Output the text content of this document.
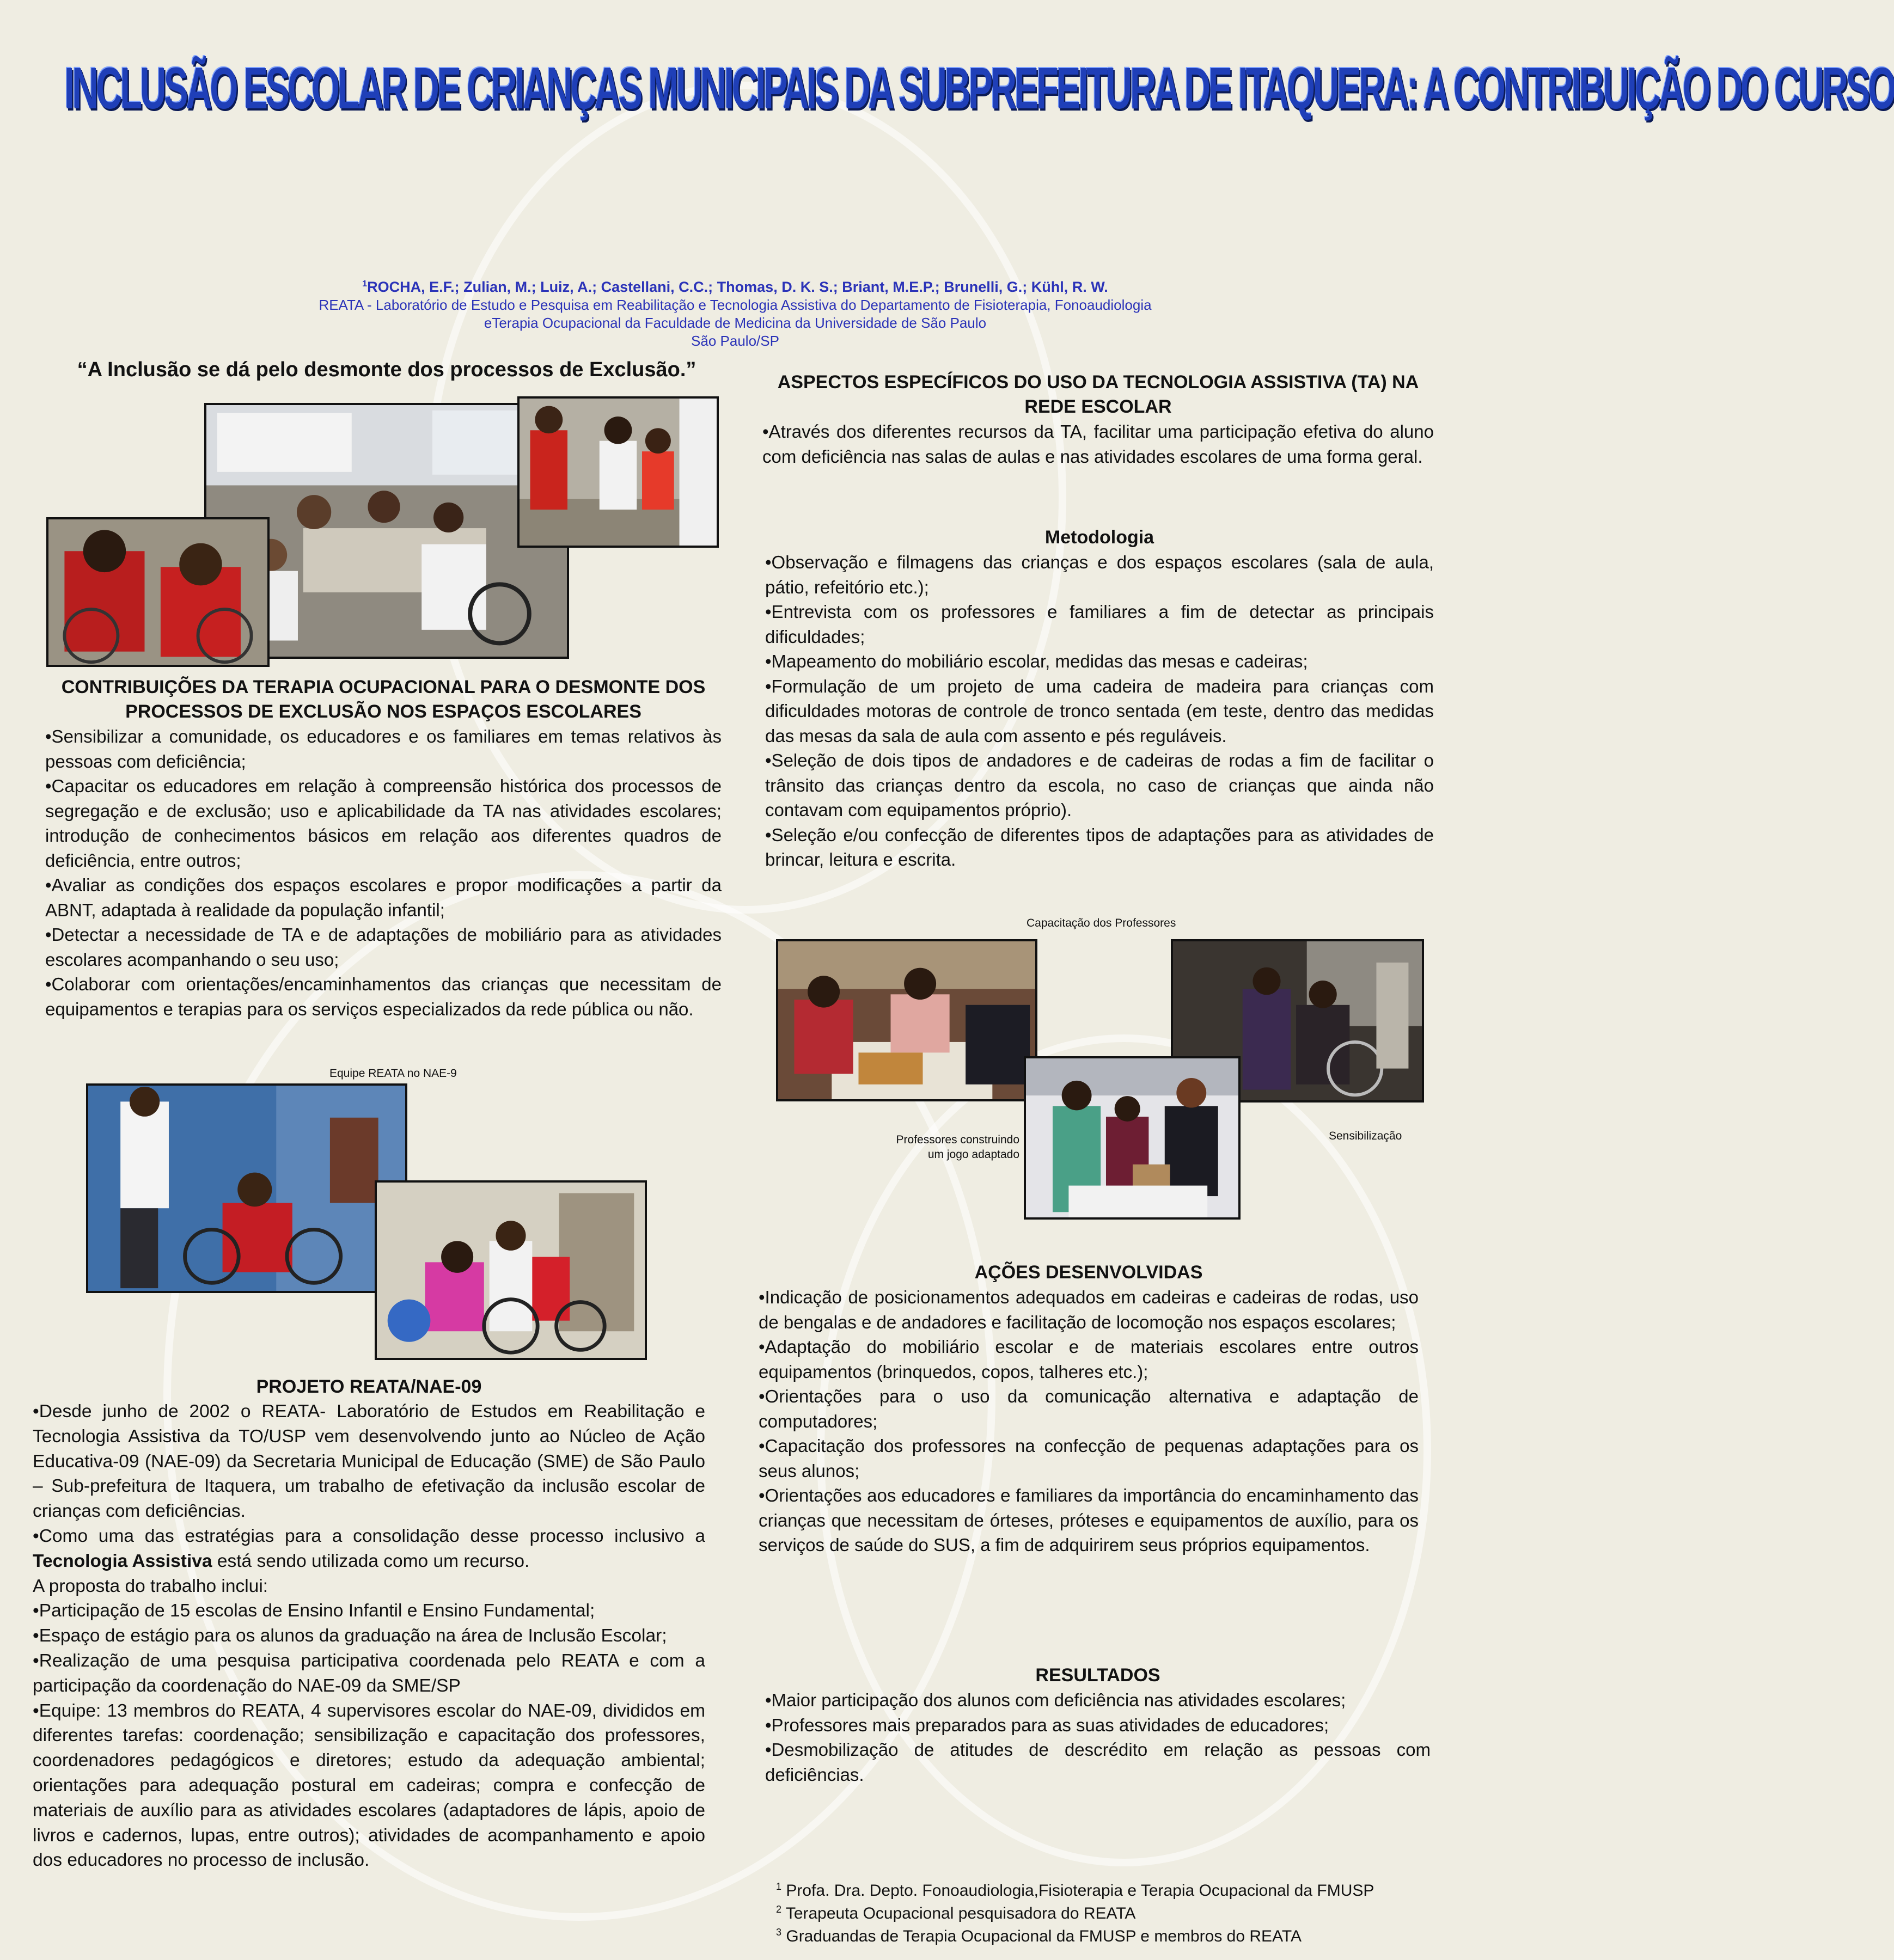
INCLUSÃO ESCOLAR DE CRIANÇAS MUNICIPAIS DA SUBPREFEITURA DE ITAQUERA: A CONTRIBUIÇÃO DO CURSO
$^1$ROCHA, E.F.; Zulian, M.; Luiz, A.; Castellani, C.C.; Thomas, D. K. S.; Briant, M.E.P.; Brunelli, G.; Kühl, R. W.
REATA - Laboratório de Estudo e Pesquisa em Reabilitação e Tecnologia Assistiva do Departamento de Fisioterapia, Fonoaudiologia
eTerapia Ocupacional da Faculdade de Medicina da Universidade de São Paulo
São Paulo/SP
“A Inclusão se dá pelo desmonte dos processos de Exclusão.”
CONTRIBUIÇÕES DA TERAPIA OCUPACIONAL PARA O DESMONTE DOS PROCESSOS DE EXCLUSÃO NOS ESPAÇOS ESCOLARES

•Sensibilizar a comunidade, os educadores e os familiares em temas relativos às pessoas com deficiência;

•Capacitar os educadores em relação à compreensão histórica dos processos de segregação e de exclusão; uso e aplicabilidade da TA nas atividades escolares; introdução de conhecimentos básicos em relação aos diferentes quadros de deficiência, entre outros;

•Avaliar as condições dos espaços escolares e propor modificações a partir da ABNT, adaptada à realidade da população infantil;

•Detectar a necessidade de TA e de adaptações de mobiliário para as atividades escolares acompanhando o seu uso;

•Colaborar com orientações/encaminhamentos das crianças que necessitam de equipamentos e terapias para os serviços especializados da rede pública ou não.

Equipe REATA no NAE-9
PROJETO REATA/NAE-09

•Desde junho de 2002 o REATA- Laboratório de Estudos em Reabilitação e Tecnologia Assistiva da TO/USP vem desenvolvendo junto ao Núcleo de Ação Educativa-09 (NAE-09) da Secretaria Municipal de Educação (SME) de São Paulo – Sub-prefeitura de Itaquera, um trabalho de efetivação da inclusão escolar de crianças com deficiências.

•Como uma das estratégias para a consolidação desse processo inclusivo a Tecnologia Assistiva está sendo utilizada como um recurso.

A proposta do trabalho inclui:

•Participação de 15 escolas de Ensino Infantil e Ensino Fundamental;

•Espaço de estágio para os alunos da graduação na área de Inclusão Escolar;

•Realização de uma pesquisa participativa coordenada pelo REATA e com a participação da coordenação do NAE-09 da SME/SP

•Equipe: 13 membros do REATA, 4 supervisores escolar do NAE-09, divididos em diferentes tarefas: coordenação; sensibilização e capacitação dos professores, coordenadores pedagógicos e diretores; estudo da adequação ambiental; orientações para adequação postural em cadeiras; compra e confecção de materiais de auxílio para as atividades escolares (adaptadores de lápis, apoio de livros e cadernos, lupas, entre outros); atividades de acompanhamento e apoio dos educadores no processo de inclusão.

ASPECTOS ESPECÍFICOS DO USO DA TECNOLOGIA ASSISTIVA (TA) NA REDE ESCOLAR

•Através dos diferentes recursos da TA, facilitar uma participação efetiva do aluno com deficiência nas salas de aulas e nas atividades escolares de uma forma geral.

Metodologia

•Observação e filmagens das crianças e dos espaços escolares (sala de aula, pátio, refeitório etc.);

•Entrevista com os professores e familiares a fim de detectar as principais dificuldades;

•Mapeamento do mobiliário escolar, medidas das mesas e cadeiras;

•Formulação de um projeto de uma cadeira de madeira para crianças com dificuldades motoras de controle de tronco sentada (em teste, dentro das medidas das mesas da sala de aula com assento e pés reguláveis.

•Seleção de dois tipos de andadores e de cadeiras de rodas a fim de facilitar o trânsito das crianças dentro da escola, no caso de crianças que ainda não contavam com equipamentos próprio).

•Seleção e/ou confecção de diferentes tipos de adaptações para as atividades de brincar, leitura e escrita.

Capacitação dos Professores
Professores construindo um jogo adaptado
Sensibilização
AÇÕES DESENVOLVIDAS

•Indicação de posicionamentos adequados em cadeiras e cadeiras de rodas, uso de bengalas e de andadores e facilitação de locomoção nos espaços escolares;

•Adaptação do mobiliário escolar e de materiais escolares entre outros equipamentos (brinquedos, copos, talheres etc.);

•Orientações para o uso da comunicação alternativa e adaptação de computadores;

•Capacitação dos professores na confecção de pequenas adaptações para os seus alunos;

•Orientações aos educadores e familiares da importância do encaminhamento das crianças que necessitam de órteses, próteses e equipamentos de auxílio, para os serviços de saúde do SUS, a fim de adquirirem seus próprios equipamentos.

RESULTADOS

•Maior participação dos alunos com deficiência nas atividades escolares;

•Professores mais preparados para as suas atividades de educadores;

•Desmobilização de atitudes de descrédito em relação as pessoas com deficiências.

$^1$ Profa. Dra. Depto. Fonoaudiologia,Fisioterapia e Terapia Ocupacional da FMUSP
$^2$ Terapeuta Ocupacional pesquisadora do REATA
$^3$ Graduandas de Terapia Ocupacional da FMUSP e membros do REATA
